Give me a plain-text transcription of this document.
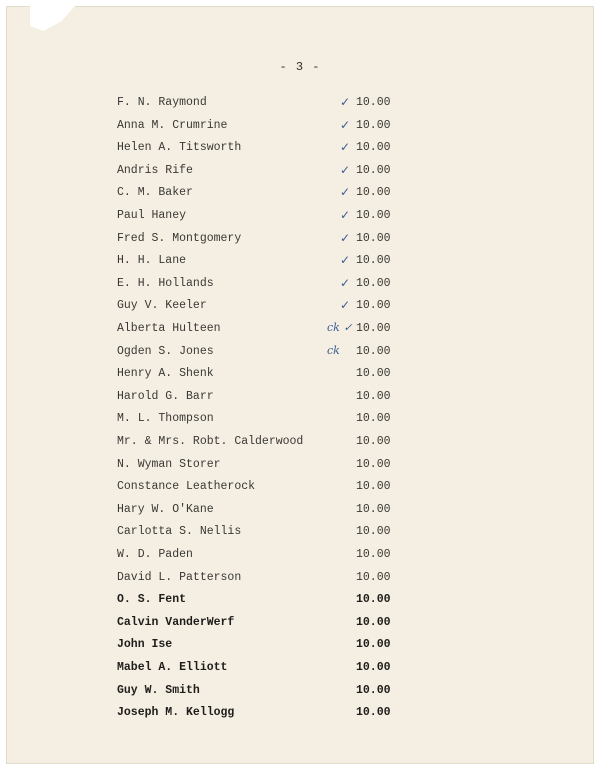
- 3 -
F. N. Raymond	✓ 10.00
Anna M. Crumrine	✓ 10.00
Helen A. Titsworth	✓ 10.00
Andris Rife	✓ 10.00
C. M. Baker	✓ 10.00
Paul Haney	✓ 10.00
Fred S. Montgomery	✓ 10.00
H. H. Lane	✓ 10.00
E. H. Hollands	✓ 10.00
Guy V. Keeler	✓ 10.00
Alberta Hulteen	ck ✓ 10.00
Ogden S. Jones	ck 10.00
Henry A. Shenk	10.00
Harold G. Barr	10.00
M. L. Thompson	10.00
Mr. & Mrs. Robt. Calderwood	10.00
N. Wyman Storer	10.00
Constance Leatherock	10.00
Hary W. O'Kane	10.00
Carlotta S. Nellis	10.00
W. D. Paden	10.00
David L. Patterson	10.00
O. S. Fent	10.00
Calvin VanderWerf	10.00
John Ise	10.00
Mabel A. Elliott	10.00
Guy W. Smith	10.00
Joseph M. Kellogg	10.00
